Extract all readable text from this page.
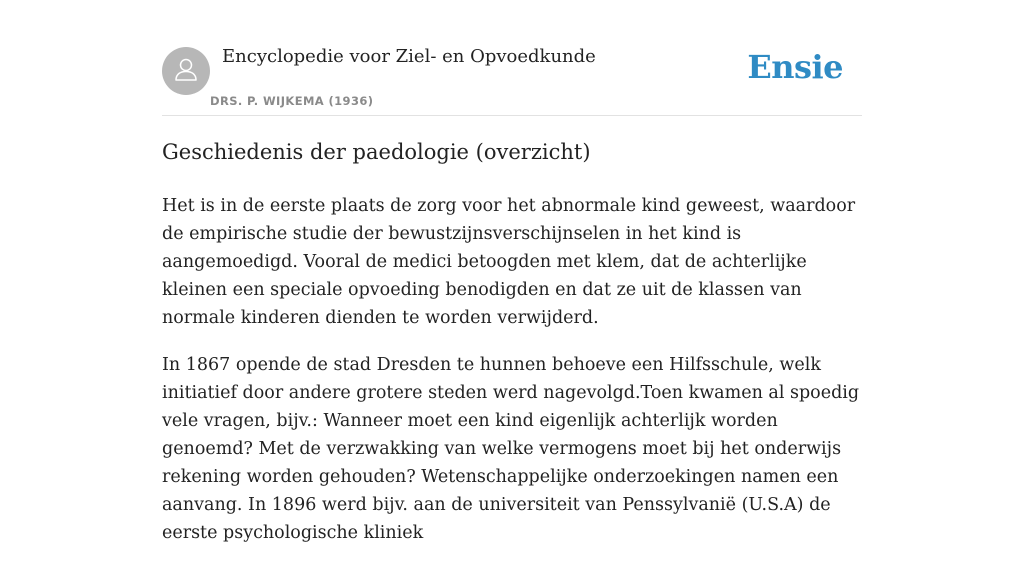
Encyclopedie voor Ziel- en Opvoedkunde
DRS. P. WIJKEMA (1936)
Ensie
Geschiedenis der paedologie (overzicht)

Het is in de eerste plaats de zorg voor het abnormale kind geweest, waardoor de empirische studie der bewustzijnsverschijnselen in het kind is aangemoedigd. Vooral de medici betoogden met klem, dat de achterlijke kleinen een speciale opvoeding benodigden en dat ze uit de klassen van normale kinderen dienden te worden verwijderd.

In 1867 opende de stad Dresden te hunnen behoeve een Hilfsschule, welk initiatief door andere grotere steden werd nagevolgd.Toen kwamen al spoedig vele vragen, bijv.: Wanneer moet een kind eigenlijk achterlijk worden genoemd? Met de verzwakking van welke vermogens moet bij het onderwijs rekening worden gehouden? Wetenschappelijke onderzoekingen namen een aanvang. In 1896 werd bijv. aan de universiteit van Penssylvanië (U.S.A) de eerste psychologische kliniek
